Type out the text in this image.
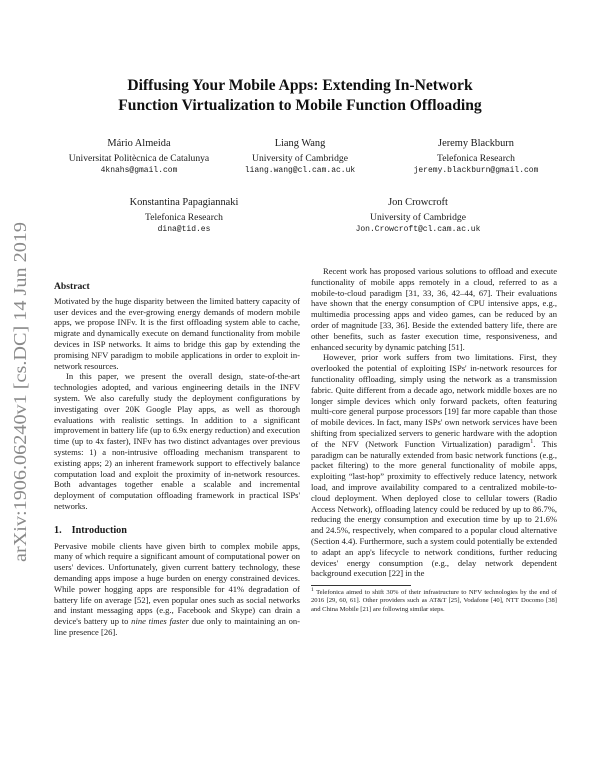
arXiv:1906.06240v1 [cs.DC] 14 Jun 2019
Diffusing Your Mobile Apps: Extending In-Network
Function Virtualization to Mobile Function Offloading
Mário Almeida
Universitat Politècnica de Catalunya
4knahs@gmail.com
Liang Wang
University of Cambridge
liang.wang@cl.cam.ac.uk
Jeremy Blackburn
Telefonica Research
jeremy.blackburn@gmail.com
Konstantina Papagiannaki
Telefonica Research
dina@tid.es
Jon Crowcroft
University of Cambridge
Jon.Crowcroft@cl.cam.ac.uk
Abstract

Motivated by the huge disparity between the limited battery capacity of user devices and the ever-growing energy demands of modern mobile apps, we propose INFv. It is the first offloading system able to cache, migrate and dynamically execute on demand functionality from mobile devices in ISP networks. It aims to bridge this gap by extending the promising NFV paradigm to mobile applications in order to exploit in-network resources.

In this paper, we present the overall design, state-of-the-art technologies adopted, and various engineering details in the INFV system. We also carefully study the deployment configurations by investigating over 20K Google Play apps, as well as thorough evaluations with realistic settings. In addition to a significant improvement in battery life (up to 6.9x energy reduction) and execution time (up to 4x faster), INFv has two distinct advantages over previous systems: 1) a non-intrusive offloading mechanism transparent to existing apps; 2) an inherent framework support to effectively balance computation load and exploit the proximity of in-network resources. Both advantages together enable a scalable and incremental deployment of computation offloading framework in practical ISPs' networks.

1. Introduction

Pervasive mobile clients have given birth to complex mobile apps, many of which require a significant amount of computational power on users' devices. Unfortunately, given current battery technology, these demanding apps impose a huge burden on energy constrained devices. While power hogging apps are responsible for 41% degradation of battery life on average [52], even popular ones such as social networks and instant messaging apps (e.g., Facebook and Skype) can drain a device's battery up to nine times faster due only to maintaining an on-line presence [26].

Recent work has proposed various solutions to offload and execute functionality of mobile apps remotely in a cloud, referred to as a mobile-to-cloud paradigm [31, 33, 36, 42–44, 67]. Their evaluations have shown that the energy consumption of CPU intensive apps, e.g., multimedia processing apps and video games, can be reduced by an order of magnitude [33, 36]. Beside the extended battery life, there are other benefits, such as faster execution time, responsiveness, and enhanced security by dynamic patching [51].

However, prior work suffers from two limitations. First, they overlooked the potential of exploiting ISPs' in-network resources for functionality offloading, simply using the network as a transmission fabric. Quite different from a decade ago, network middle boxes are no longer simple devices which only forward packets, often featuring multi-core general purpose processors [19] far more capable than those of mobile devices. In fact, many ISPs' own network services have been shifting from specialized servers to generic hardware with the adoption of the NFV (Network Function Virtualization) paradigm$^1$. This paradigm can be naturally extended from basic network functions (e.g., packet filtering) to the more general functionality of mobile apps, exploiting “last-hop” proximity to effectively reduce latency, network load, and improve availability compared to a centralized mobile-to-cloud deployment. When deployed close to cellular towers (Radio Access Network), offloading latency could be reduced by up to 86.7%, reducing the energy consumption and execution time by up to 21.6% and 24.5%, respectively, when compared to a popular cloud alternative (Section 4.4). Furthermore, such a system could potentially be extended to adapt an app's lifecycle to network conditions, further reducing devices' energy consumption (e.g., delay network dependent background execution [22] in the

$^1$ Telefonica aimed to shift 30% of their infrastructure to NFV technologies by the end of 2016 [29, 60, 61]. Other providers such as AT&T [25], Vodafone [40], NTT Docomo [38] and China Mobile [21] are following similar steps.
